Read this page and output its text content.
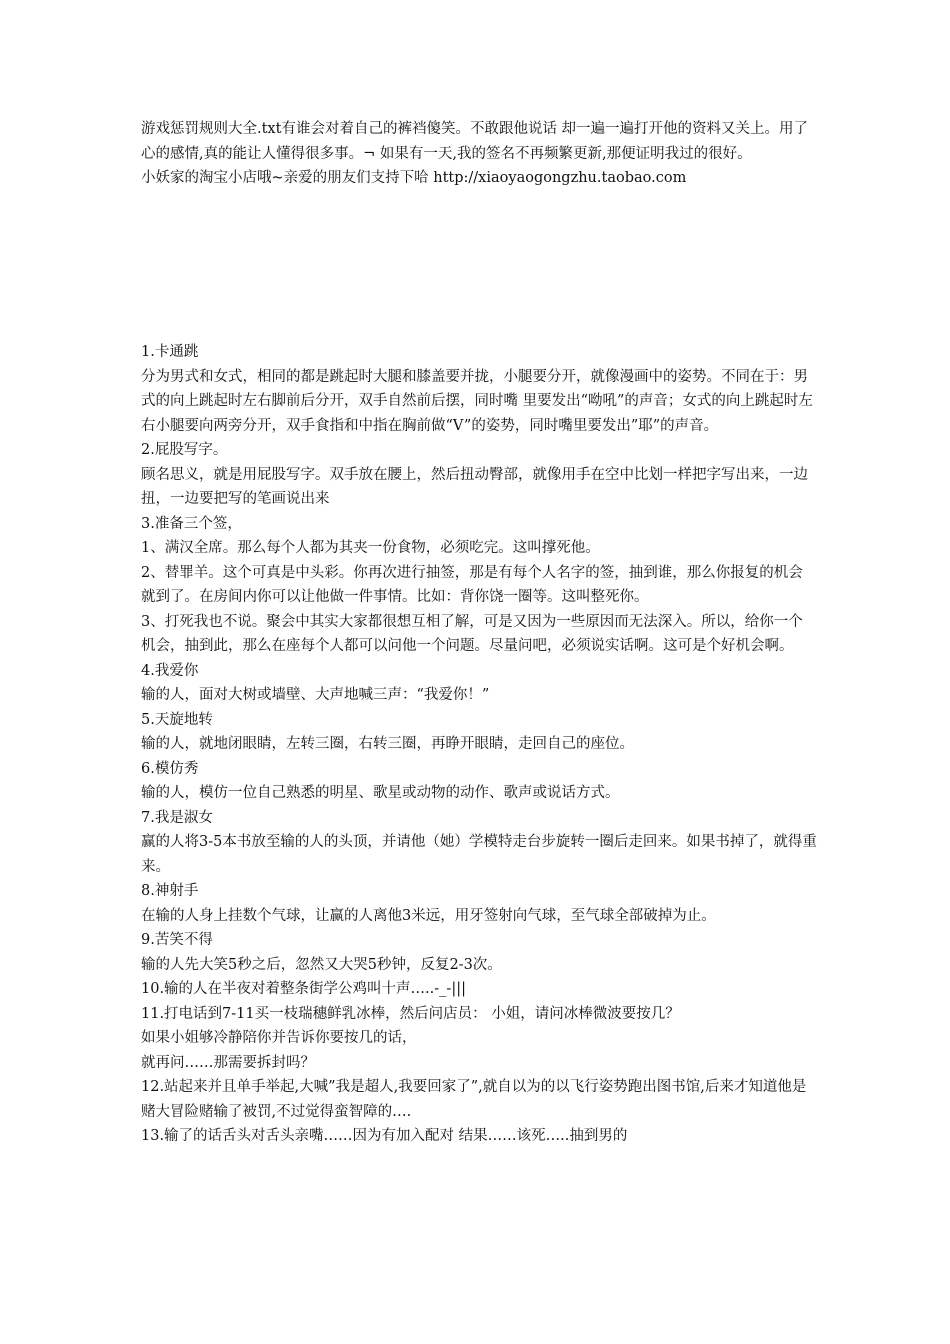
游戏惩罚规则大全.txt有谁会对着自己的裤裆傻笑。不敢跟他说话 却一遍一遍打开他的资料又关上。用了心的感情,真的能让人懂得很多事。¬ 如果有一天,我的签名不再频繁更新,那便证明我过的很好。
小妖家的淘宝小店哦~亲爱的朋友们支持下哈 http://xiaoyaogongzhu.taobao.com
1.卡通跳
分为男式和女式，相同的都是跳起时大腿和膝盖要并拢，小腿要分开，就像漫画中的姿势。不同在于：男式的向上跳起时左右脚前后分开，双手自然前后摆，同时嘴 里要发出“呦吼”的声音；女式的向上跳起时左右小腿要向两旁分开，双手食指和中指在胸前做“V”的姿势，同时嘴里要发出”耶”的声音。
2.屁股写字。
顾名思义，就是用屁股写字。双手放在腰上，然后扭动臀部，就像用手在空中比划一样把字写出来，一边扭，一边要把写的笔画说出来
3.准备三个签，
1、满汉全席。那么每个人都为其夹一份食物，必须吃完。这叫撑死他。
2、替罪羊。这个可真是中头彩。你再次进行抽签，那是有每个人名字的签，抽到谁，那么你报复的机会就到了。在房间内你可以让他做一件事情。比如：背你饶一圈等。这叫整死你。
3、打死我也不说。聚会中其实大家都很想互相了解，可是又因为一些原因而无法深入。所以，给你一个机会，抽到此，那么在座每个人都可以问他一个问题。尽量问吧，必须说实话啊。这可是个好机会啊。
4.我爱你
输的人，面对大树或墙壁、大声地喊三声：“我爱你！”
5.天旋地转
输的人，就地闭眼睛，左转三圈，右转三圈，再睁开眼睛，走回自己的座位。
6.模仿秀
输的人，模仿一位自己熟悉的明星、歌星或动物的动作、歌声或说话方式。
7.我是淑女
赢的人将3-5本书放至输的人的头顶，并请他（她）学模特走台步旋转一圈后走回来。如果书掉了，就得重来。
8.神射手
在输的人身上挂数个气球，让赢的人离他3米远，用牙签射向气球，至气球全部破掉为止。
9.苦笑不得
输的人先大笑5秒之后，忽然又大哭5秒钟，反复2-3次。
10.输的人在半夜对着整条街学公鸡叫十声…..-_-|||
11.打电话到7-11买一枝瑞穗鲜乳冰棒，然后问店员： 小姐，请问冰棒微波要按几？
如果小姐够冷静陪你并告诉你要按几的话，
就再问……那需要拆封吗？
12.站起来并且单手举起,大喊”我是超人,我要回家了”,就自以为的以飞行姿势跑出图书馆,后来才知道他是赌大冒险赌输了被罚,不过觉得蛮智障的….
13.输了的话舌头对舌头亲嘴……因为有加入配对 结果……该死…..抽到男的
